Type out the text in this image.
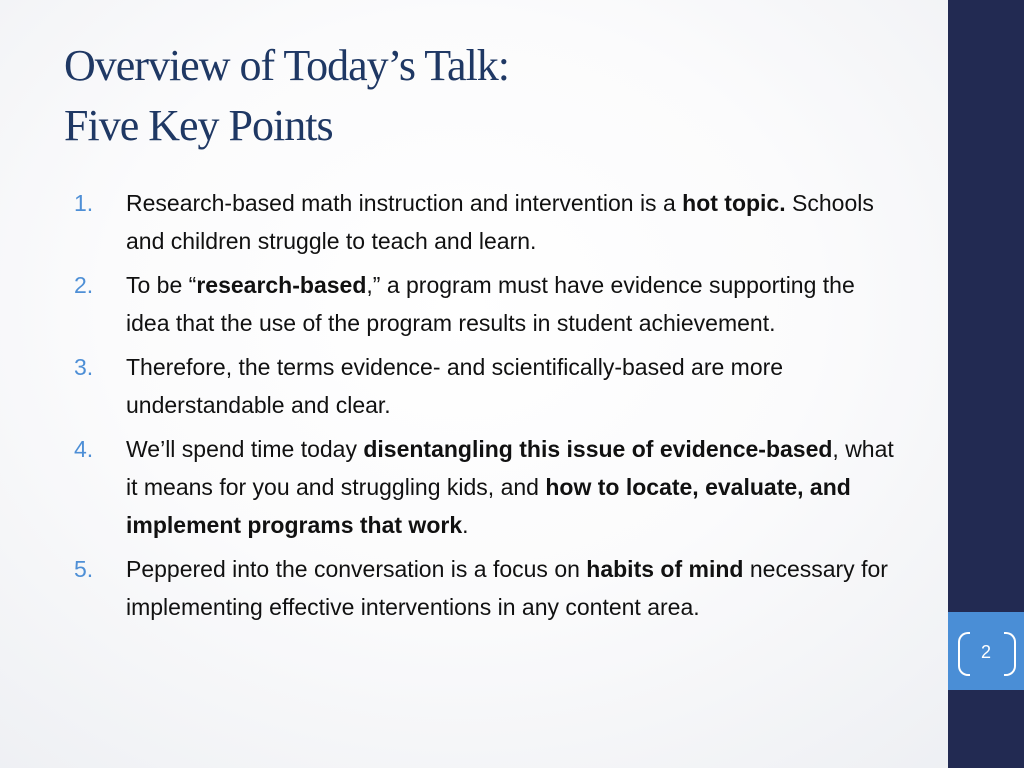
Overview of Today’s Talk:
Five Key Points
1. Research-based math instruction and intervention is a hot topic. Schools and children struggle to teach and learn.
2. To be “research-based,” a program must have evidence supporting the idea that the use of the program results in student achievement.
3. Therefore, the terms evidence- and scientifically-based are more understandable and clear.
4. We’ll spend time today disentangling this issue of evidence-based, what it means for you and struggling kids, and how to locate, evaluate, and implement programs that work.
5. Peppered into the conversation is a focus on habits of mind necessary for implementing effective interventions in any content area.
2
